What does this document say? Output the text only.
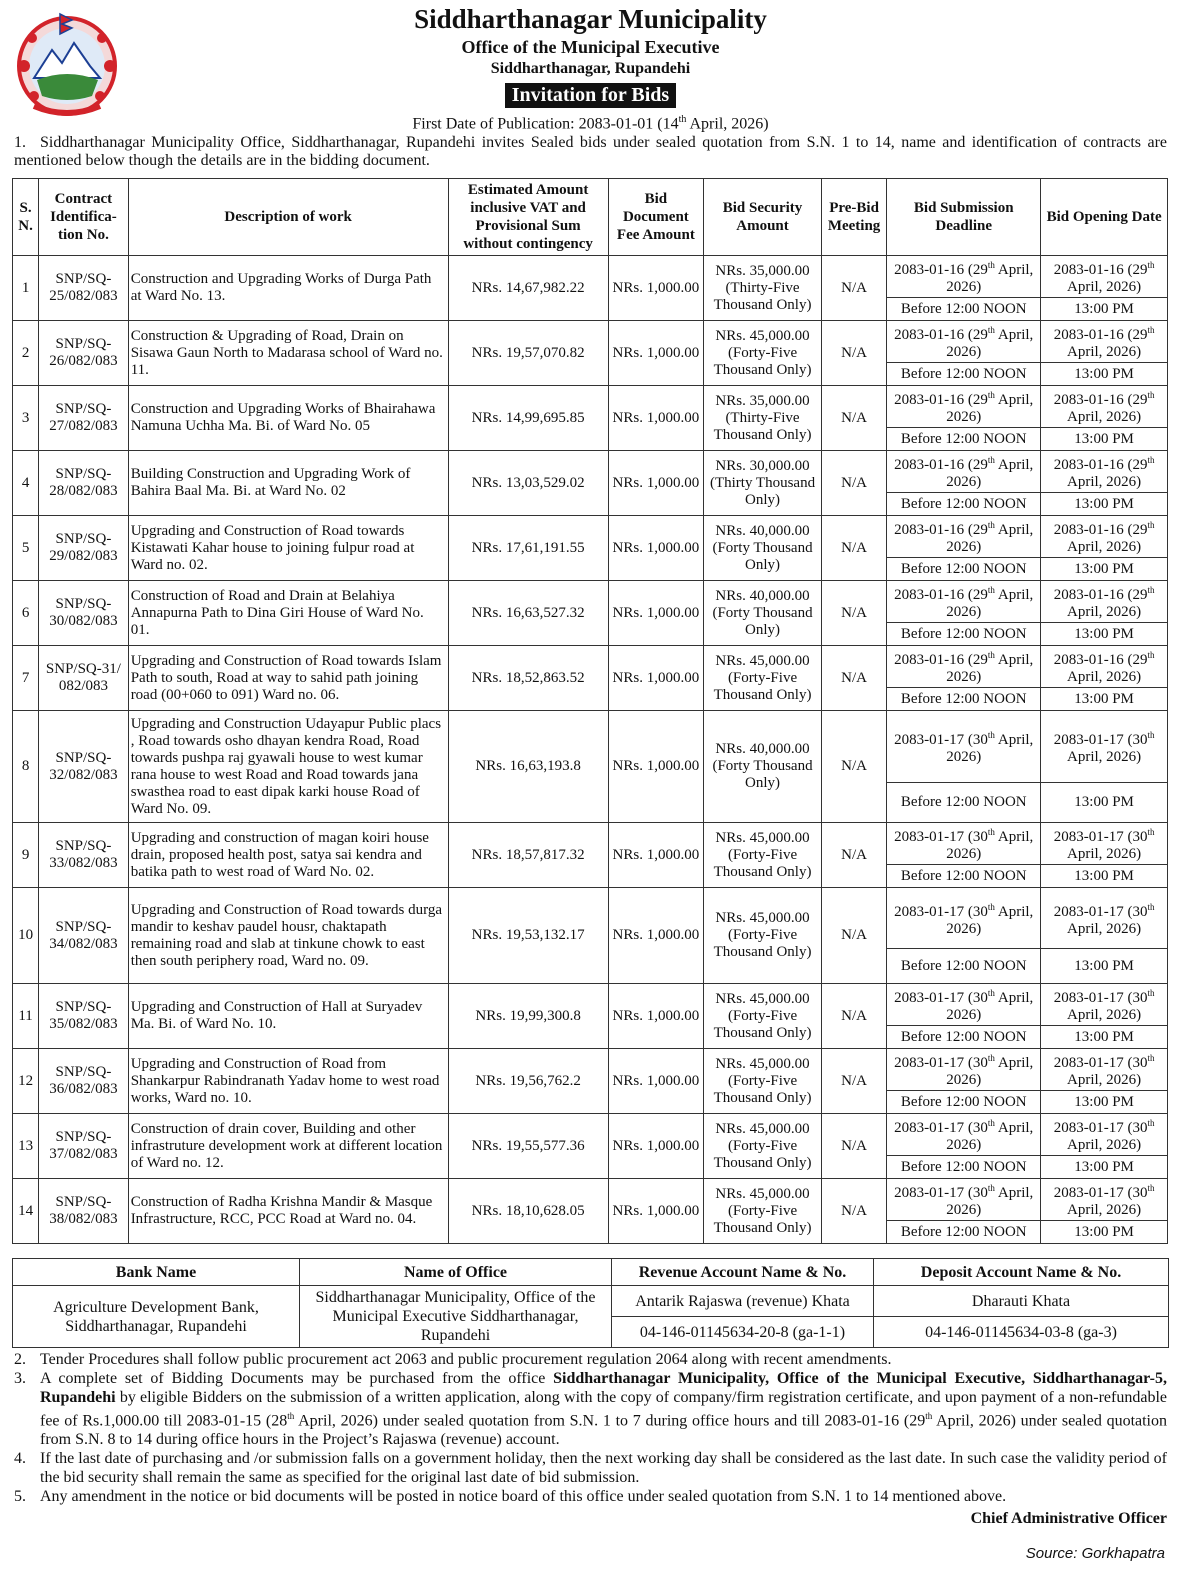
Siddharthanagar Municipality
Office of the Municipal Executive
Siddharthanagar, Rupandehi
Invitation for Bids
First Date of Publication: 2083-01-01 (14th April, 2026)
1. Siddharthanagar Municipality Office, Siddharthanagar, Rupandehi invites Sealed bids under sealed quotation from S.N. 1 to 14, name and identification of contracts are mentioned below though the details are in the bidding document.
S. N.	Contract Identifica-tion No.	Description of work	Estimated Amount inclusive VAT and Provisional Sum without contingency	Bid Document Fee Amount	Bid Security Amount	Pre-Bid Meeting	Bid Submission Deadline	Bid Opening Date
1	SNP/SQ-25/082/083	Construction and Upgrading Works of Durga Path at Ward No. 13.	NRs. 14,67,982.22	NRs. 1,000.00	NRs. 35,000.00 (Thirty-Five Thousand Only)	N/A	2083-01-16 (29th April, 2026)	2083-01-16 (29th April, 2026)
							Before 12:00 NOON	13:00 PM
2	SNP/SQ-26/082/083	Construction & Upgrading of Road, Drain on Sisawa Gaun North to Madarasa school of Ward no. 11.	NRs. 19,57,070.82	NRs. 1,000.00	NRs. 45,000.00 (Forty-Five Thousand Only)	N/A	2083-01-16 (29th April, 2026)	2083-01-16 (29th April, 2026)
							Before 12:00 NOON	13:00 PM
3	SNP/SQ-27/082/083	Construction and Upgrading Works of Bhairahawa Namuna Uchha Ma. Bi. of Ward No. 05	NRs. 14,99,695.85	NRs. 1,000.00	NRs. 35,000.00 (Thirty-Five Thousand Only)	N/A	2083-01-16 (29th April, 2026)	2083-01-16 (29th April, 2026)
							Before 12:00 NOON	13:00 PM
4	SNP/SQ-28/082/083	Building Construction and Upgrading Work of Bahira Baal Ma. Bi. at Ward No. 02	NRs. 13,03,529.02	NRs. 1,000.00	NRs. 30,000.00 (Thirty Thousand Only)	N/A	2083-01-16 (29th April, 2026)	2083-01-16 (29th April, 2026)
							Before 12:00 NOON	13:00 PM
5	SNP/SQ-29/082/083	Upgrading and Construction of Road towards Kistawati Kahar house to joining fulpur road at Ward no. 02.	NRs. 17,61,191.55	NRs. 1,000.00	NRs. 40,000.00 (Forty Thousand Only)	N/A	2083-01-16 (29th April, 2026)	2083-01-16 (29th April, 2026)
							Before 12:00 NOON	13:00 PM
6	SNP/SQ-30/082/083	Construction of Road and Drain at Belahiya Annapurna Path to Dina Giri House of Ward No. 01.	NRs. 16,63,527.32	NRs. 1,000.00	NRs. 40,000.00 (Forty Thousand Only)	N/A	2083-01-16 (29th April, 2026)	2083-01-16 (29th April, 2026)
							Before 12:00 NOON	13:00 PM
7	SNP/SQ-31/ 082/083	Upgrading and Construction of Road towards Islam Path to south, Road at way to sahid path joining road (00+060 to 091) Ward no. 06.	NRs. 18,52,863.52	NRs. 1,000.00	NRs. 45,000.00 (Forty-Five Thousand Only)	N/A	2083-01-16 (29th April, 2026)	2083-01-16 (29th April, 2026)
							Before 12:00 NOON	13:00 PM
8	SNP/SQ-32/082/083	Upgrading and Construction Udayapur Public placs , Road towards osho dhayan kendra Road, Road towards pushpa raj gyawali house to west kumar rana house to west Road and Road towards jana swasthea road to east dipak karki house Road of Ward No. 09.	NRs. 16,63,193.8	NRs. 1,000.00	NRs. 40,000.00 (Forty Thousand Only)	N/A	2083-01-17 (30th April, 2026)	2083-01-17 (30th April, 2026)
							Before 12:00 NOON	13:00 PM
9	SNP/SQ-33/082/083	Upgrading and construction of magan koiri house drain, proposed health post, satya sai kendra and batika path to west road of Ward No. 02.	NRs. 18,57,817.32	NRs. 1,000.00	NRs. 45,000.00 (Forty-Five Thousand Only)	N/A	2083-01-17 (30th April, 2026)	2083-01-17 (30th April, 2026)
							Before 12:00 NOON	13:00 PM
10	SNP/SQ-34/082/083	Upgrading and Construction of Road towards durga mandir to keshav paudel housr, chaktapath remaining road and slab at tinkune chowk to east then south periphery road, Ward no. 09.	NRs. 19,53,132.17	NRs. 1,000.00	NRs. 45,000.00 (Forty-Five Thousand Only)	N/A	2083-01-17 (30th April, 2026)	2083-01-17 (30th April, 2026)
							Before 12:00 NOON	13:00 PM
11	SNP/SQ-35/082/083	Upgrading and Construction of Hall at Suryadev Ma. Bi. of Ward No. 10.	NRs. 19,99,300.8	NRs. 1,000.00	NRs. 45,000.00 (Forty-Five Thousand Only)	N/A	2083-01-17 (30th April, 2026)	2083-01-17 (30th April, 2026)
							Before 12:00 NOON	13:00 PM
12	SNP/SQ-36/082/083	Upgrading and Construction of Road from Shankarpur Rabindranath Yadav home to west road works, Ward no. 10.	NRs. 19,56,762.2	NRs. 1,000.00	NRs. 45,000.00 (Forty-Five Thousand Only)	N/A	2083-01-17 (30th April, 2026)	2083-01-17 (30th April, 2026)
							Before 12:00 NOON	13:00 PM
13	SNP/SQ-37/082/083	Construction of drain cover, Building and other infrastruture development work at different location of Ward no. 12.	NRs. 19,55,577.36	NRs. 1,000.00	NRs. 45,000.00 (Forty-Five Thousand Only)	N/A	2083-01-17 (30th April, 2026)	2083-01-17 (30th April, 2026)
							Before 12:00 NOON	13:00 PM
14	SNP/SQ-38/082/083	Construction of Radha Krishna Mandir & Masque Infrastructure, RCC, PCC Road at Ward no. 04.	NRs. 18,10,628.05	NRs. 1,000.00	NRs. 45,000.00 (Forty-Five Thousand Only)	N/A	2083-01-17 (30th April, 2026)	2083-01-17 (30th April, 2026)
							Before 12:00 NOON	13:00 PM
Bank Name	Name of Office	Revenue Account Name & No.	Deposit Account Name & No.
Agriculture Development Bank, Siddharthanagar, Rupandehi	Siddharthanagar Municipality, Office of the Municipal Executive Siddharthanagar, Rupandehi	Antarik Rajaswa (revenue) Khata	Dharauti Khata
		04-146-01145634-20-8 (ga-1-1)	04-146-01145634-03-8 (ga-3)
2. Tender Procedures shall follow public procurement act 2063 and public procurement regulation 2064 along with recent amendments.
3. A complete set of Bidding Documents may be purchased from the office Siddharthanagar Municipality, Office of the Municipal Executive, Siddharthanagar-5, Rupandehi by eligible Bidders on the submission of a written application, along with the copy of company/firm registration certificate, and upon payment of a non-refundable fee of Rs.1,000.00 till 2083-01-15 (28th April, 2026) under sealed quotation from S.N. 1 to 7 during office hours and till 2083-01-16 (29th April, 2026) under sealed quotation from S.N. 8 to 14 during office hours in the Project’s Rajaswa (revenue) account.
4. If the last date of purchasing and /or submission falls on a government holiday, then the next working day shall be considered as the last date. In such case the validity period of the bid security shall remain the same as specified for the original last date of bid submission.
5. Any amendment in the notice or bid documents will be posted in notice board of this office under sealed quotation from S.N. 1 to 14 mentioned above.
Chief Administrative Officer
Source: Gorkhapatra
